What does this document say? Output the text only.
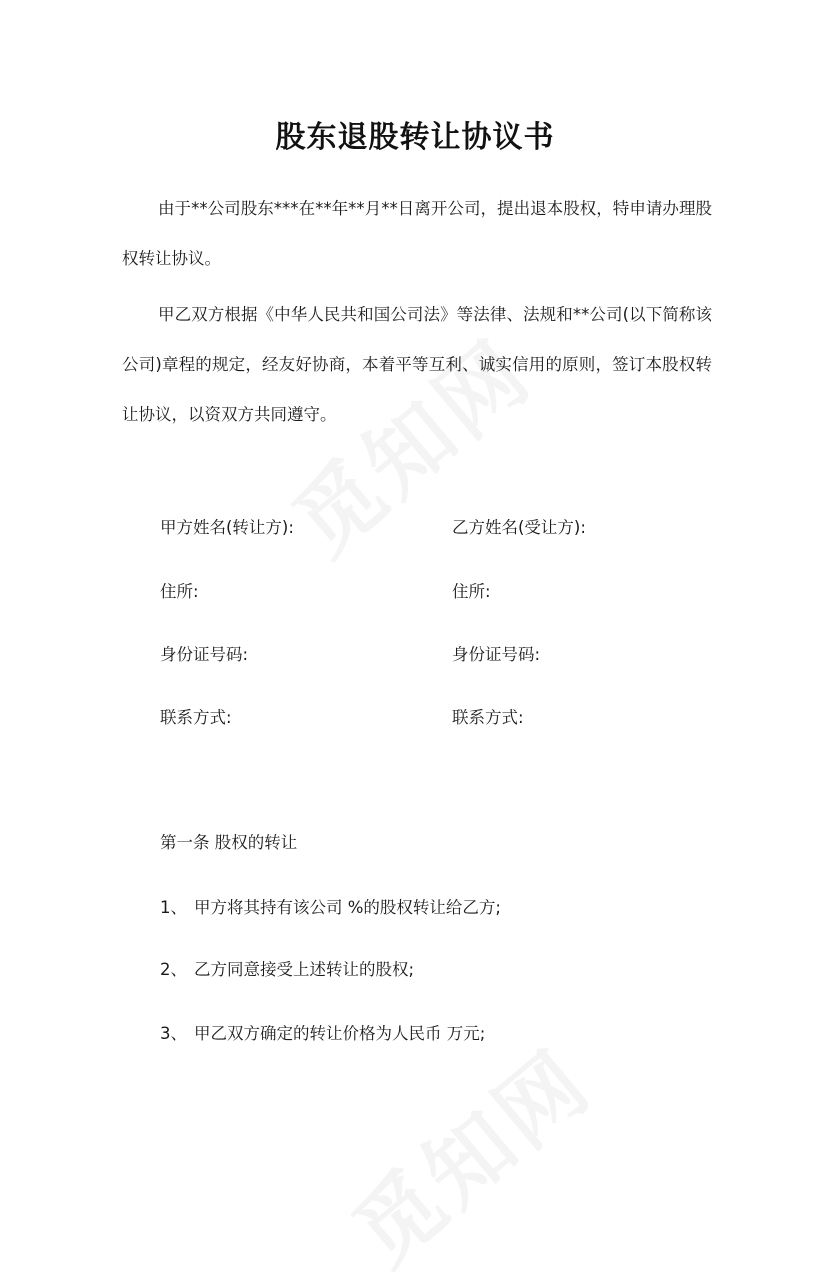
股东退股转让协议书
由于**公司股东***在**年**月**日离开公司，提出退本股权，特申请办理股权转让协议。
甲乙双方根据《中华人民共和国公司法》等法律、法规和**公司(以下简称该公司)章程的规定，经友好协商，本着平等互利、诚实信用的原则，签订本股权转让协议，以资双方共同遵守。
甲方姓名(转让方):	乙方姓名(受让方):
住所:	住所:
身份证号码:	身份证号码:
联系方式:	联系方式:
第一条 股权的转让
1、 甲方将其持有该公司 %的股权转让给乙方;
2、 乙方同意接受上述转让的股权;
3、 甲乙双方确定的转让价格为人民币 万元;
